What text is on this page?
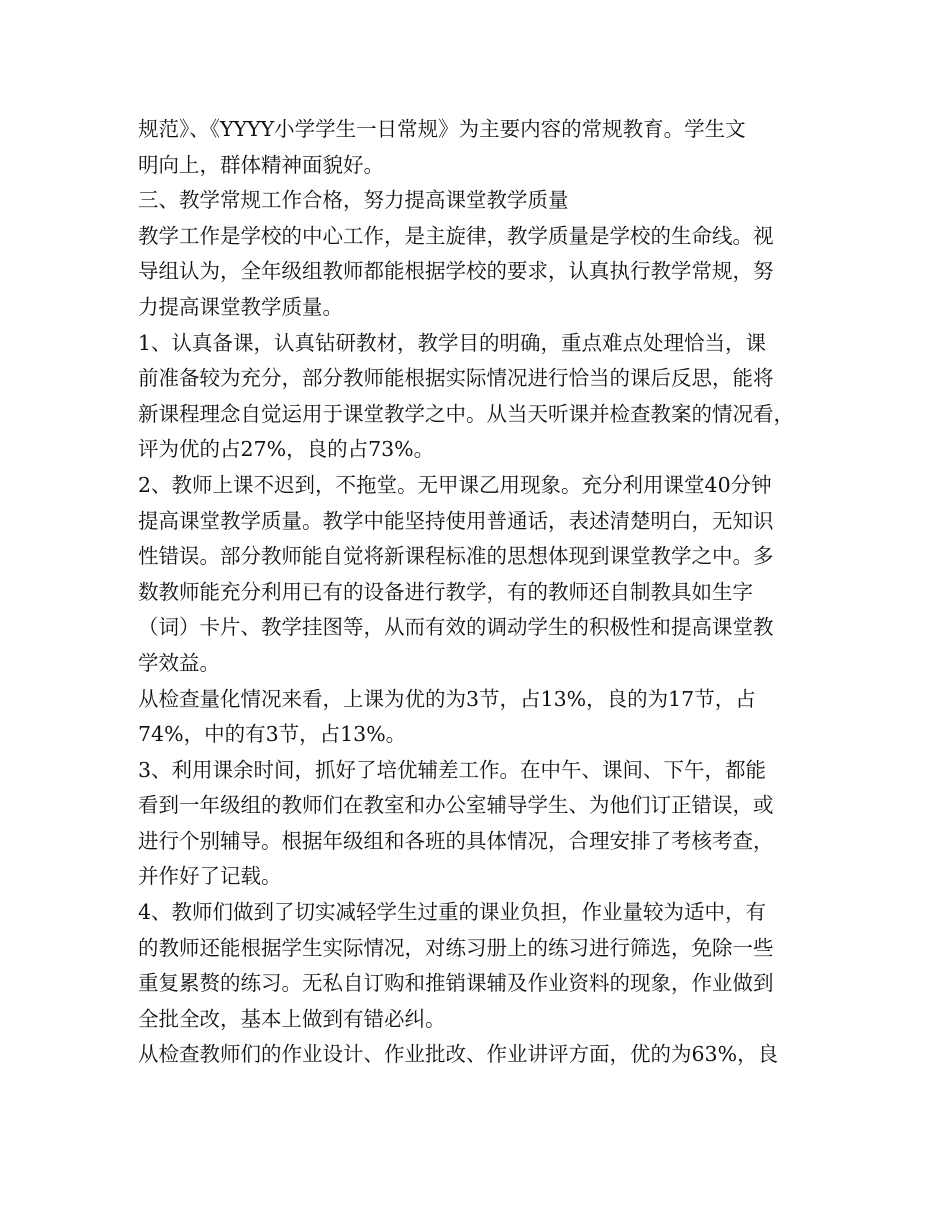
规范》、《YYYY小学学生一日常规》为主要内容的常规教育。学生文
明向上，群体精神面貌好。
三、教学常规工作合格，努力提高课堂教学质量
教学工作是学校的中心工作，是主旋律，教学质量是学校的生命线。视
导组认为，全年级组教师都能根据学校的要求，认真执行教学常规，努
力提高课堂教学质量。
1、认真备课，认真钻研教材，教学目的明确，重点难点处理恰当，课
前准备较为充分，部分教师能根据实际情况进行恰当的课后反思，能将
新课程理念自觉运用于课堂教学之中。从当天听课并检查教案的情况看，
评为优的占27%，良的占73%。
2、教师上课不迟到，不拖堂。无甲课乙用现象。充分利用课堂40分钟
提高课堂教学质量。教学中能坚持使用普通话，表述清楚明白，无知识
性错误。部分教师能自觉将新课程标准的思想体现到课堂教学之中。多
数教师能充分利用已有的设备进行教学，有的教师还自制教具如生字
（词）卡片、教学挂图等，从而有效的调动学生的积极性和提高课堂教
学效益。
从检查量化情况来看，上课为优的为3节，占13%，良的为17节，占
74%，中的有3节，占13%。
3、利用课余时间，抓好了培优辅差工作。在中午、课间、下午，都能
看到一年级组的教师们在教室和办公室辅导学生、为他们订正错误，或
进行个别辅导。根据年级组和各班的具体情况，合理安排了考核考查，
并作好了记载。
4、教师们做到了切实减轻学生过重的课业负担，作业量较为适中，有
的教师还能根据学生实际情况，对练习册上的练习进行筛选，免除一些
重复累赘的练习。无私自订购和推销课辅及作业资料的现象，作业做到
全批全改，基本上做到有错必纠。
从检查教师们的作业设计、作业批改、作业讲评方面，优的为63%，良
